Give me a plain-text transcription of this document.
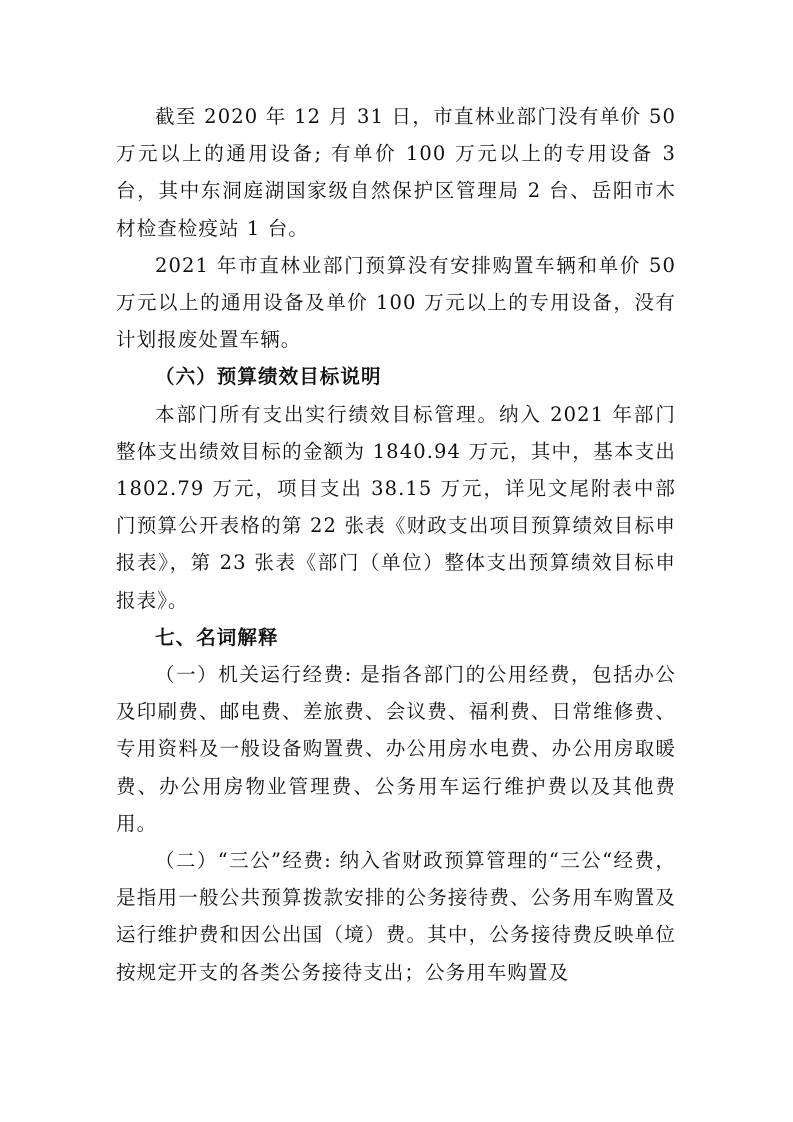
截至 2020 年 12 月 31 日，市直林业部门没有单价 50 万元以上的通用设备; 有单价 100 万元以上的专用设备 3 台，其中东洞庭湖国家级自然保护区管理局 2 台、岳阳市木材检查检疫站 1 台。

2021 年市直林业部门预算没有安排购置车辆和单价 50 万元以上的通用设备及单价 100 万元以上的专用设备，没有计划报废处置车辆。

（六）预算绩效目标说明

本部门所有支出实行绩效目标管理。纳入 2021 年部门整体支出绩效目标的金额为 1840.94 万元，其中，基本支出 1802.79 万元，项目支出 38.15 万元，详见文尾附表中部门预算公开表格的第 22 张表《财政支出项目预算绩效目标申报表》，第 23 张表《部门（单位）整体支出预算绩效目标申报表》。

七、名词解释

（一）机关运行经费: 是指各部门的公用经费，包括办公及印刷费、邮电费、差旅费、会议费、福利费、日常维修费、专用资料及一般设备购置费、办公用房水电费、办公用房取暖费、办公用房物业管理费、公务用车运行维护费以及其他费用。

（二）“三公”经费: 纳入省财政预算管理的“三公“经费，是指用一般公共预算拨款安排的公务接待费、公务用车购置及运行维护费和因公出国（境）费。其中，公务接待费反映单位按规定开支的各类公务接待支出；公务用车购置及
